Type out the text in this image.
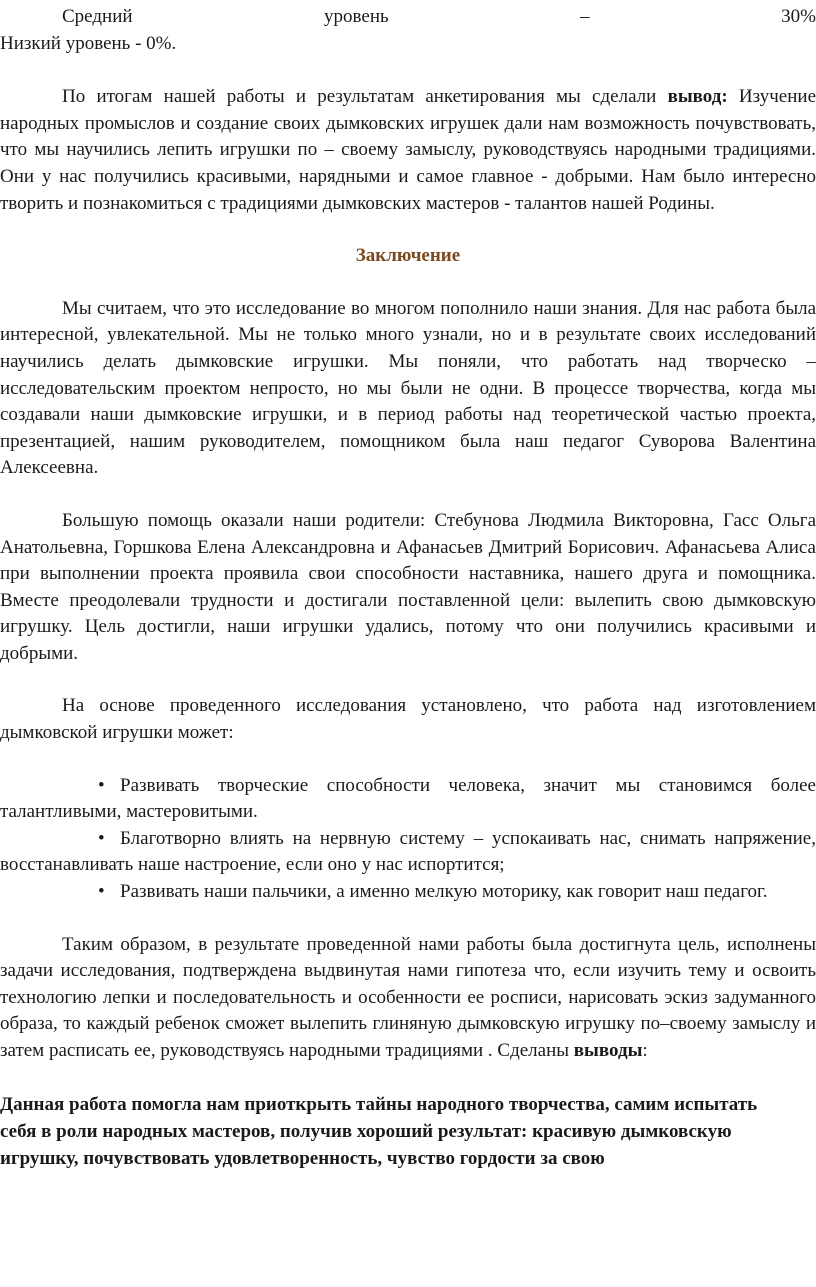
Средний	уровень	–	30%

Низкий уровень - 0%.

По итогам нашей работы и результатам анкетирования мы сделали вывод: Изучение народных промыслов и создание своих дымковских игрушек дали нам возможность почувствовать, что мы научились лепить игрушки по – своему замыслу, руководствуясь народными традициями. Они у нас получились красивыми, нарядными и самое главное - добрыми. Нам было интересно творить и познакомиться с традициями дымковских мастеров - талантов нашей Родины.

Заключение

Мы считаем, что это исследование во многом пополнило наши знания. Для нас работа была интересной, увлекательной. Мы не только много узнали, но и в результате своих исследований научились делать дымковские игрушки. Мы поняли, что работать над творческо – исследовательским проектом непросто, но мы были не одни. В процессе творчества, когда мы создавали наши дымковские игрушки, и в период работы над теоретической частью проекта, презентацией, нашим руководителем, помощником была наш педагог Суворова Валентина Алексеевна.

Большую помощь оказали наши родители: Стебунова Людмила Викторовна, Гасс Ольга Анатольевна, Горшкова Елена Александровна и Афанасьев Дмитрий Борисович. Афанасьева Алиса при выполнении проекта проявила свои способности наставника, нашего друга и помощника. Вместе преодолевали трудности и достигали поставленной цели: вылепить свою дымковскую игрушку. Цель достигли, наши игрушки удались, потому что они получились красивыми и добрыми.

На основе проведенного исследования установлено, что работа над изготовлением дымковской игрушки может:

• Развивать творческие способности человека, значит мы становимся более талантливыми, мастеровитыми.
• Благотворно влиять на нервную систему – успокаивать нас, снимать напряжение, восстанавливать наше настроение, если оно у нас испортится;
• Развивать наши пальчики, а именно мелкую моторику, как говорит наш педагог.

Таким образом, в результате проведенной нами работы была достигнута цель, исполнены задачи исследования, подтверждена выдвинутая нами гипотеза что, если изучить тему и освоить технологию лепки и последовательность и особенности ее росписи, нарисовать эскиз задуманного образа, то каждый ребенок сможет вылепить глиняную дымковскую игрушку по–своему замыслу и затем расписать ее, руководствуясь народными традициями . Сделаны выводы:

Данная работа помогла нам приоткрыть тайны народного творчества, самим испытать себя в роли народных мастеров, получив хороший результат: красивую дымковскую игрушку, почувствовать удовлетворенность, чувство гордости за свою
